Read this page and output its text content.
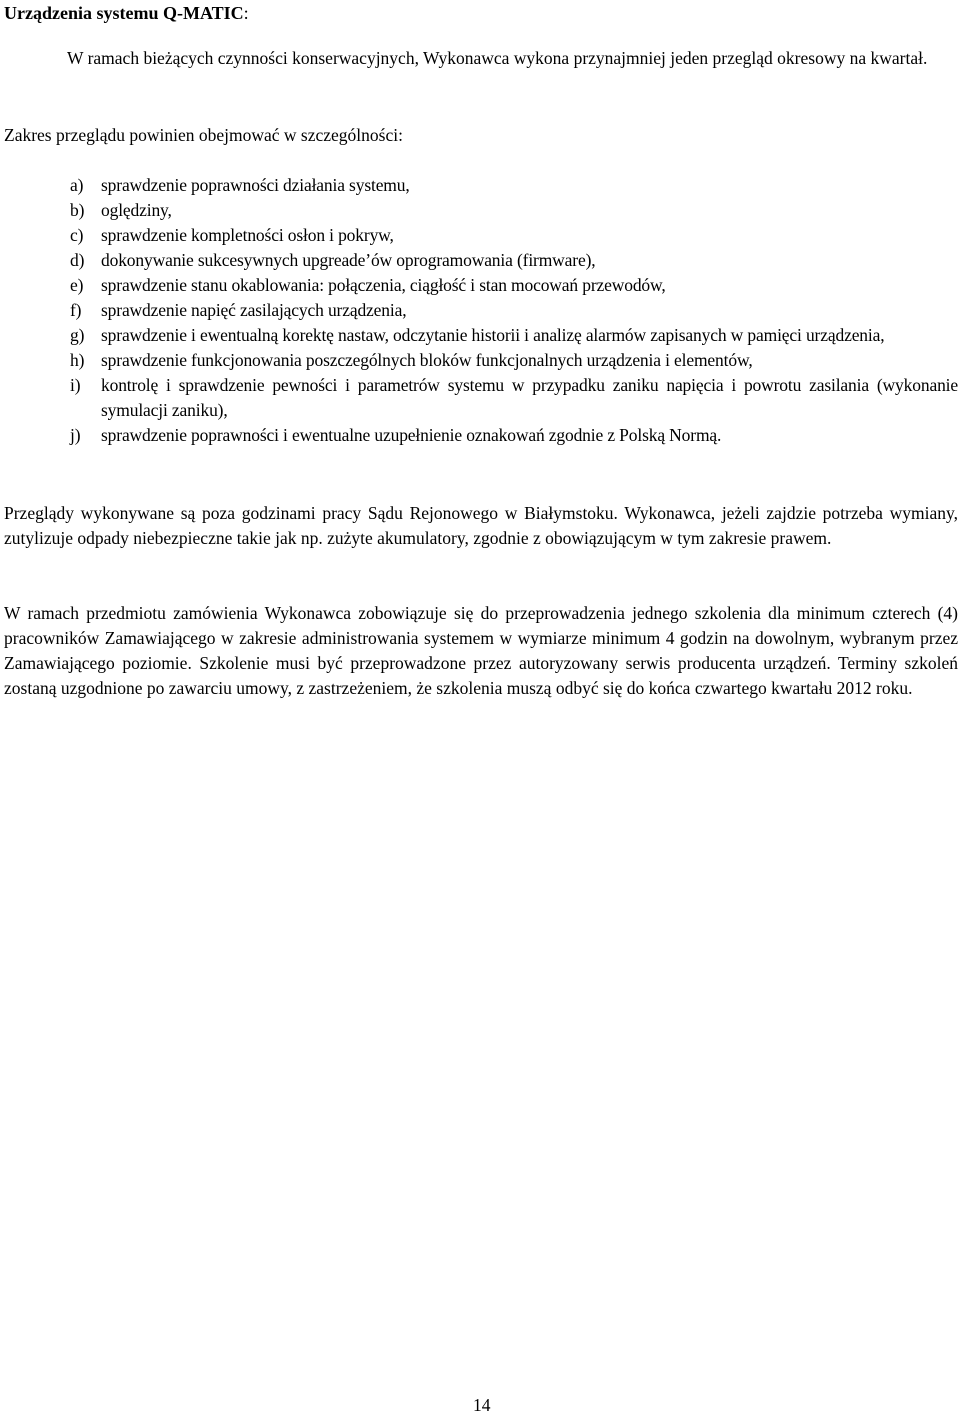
Urządzenia systemu Q-MATIC:
W ramach bieżących czynności konserwacyjnych, Wykonawca wykona przynajmniej jeden przegląd okresowy na kwartał.
Zakres przeglądu powinien obejmować w szczególności:
a) sprawdzenie poprawności działania systemu,
b) oględziny,
c) sprawdzenie kompletności osłon i pokryw,
d) dokonywanie sukcesywnych upgreade’ów oprogramowania (firmware),
e) sprawdzenie stanu okablowania: połączenia, ciągłość i stan mocowań przewodów,
f) sprawdzenie napięć zasilających urządzenia,
g) sprawdzenie i ewentualną korektę nastaw, odczytanie historii i analizę alarmów zapisanych w pamięci urządzenia,
h) sprawdzenie funkcjonowania poszczególnych bloków funkcjonalnych urządzenia i elementów,
i) kontrolę i sprawdzenie pewności i parametrów systemu w przypadku zaniku napięcia i powrotu zasilania (wykonanie symulacji zaniku),
j) sprawdzenie poprawności i ewentualne uzupełnienie oznakowań zgodnie z Polską Normą.
Przeglądy wykonywane są poza godzinami pracy Sądu Rejonowego w Białymstoku. Wykonawca, jeżeli zajdzie potrzeba wymiany, zutylizuje odpady niebezpieczne takie jak np. zużyte akumulatory, zgodnie z obowiązującym w tym zakresie prawem.
W ramach przedmiotu zamówienia Wykonawca zobowiązuje się do przeprowadzenia jednego szkolenia dla minimum czterech (4) pracowników Zamawiającego w zakresie administrowania systemem w wymiarze minimum 4 godzin na dowolnym, wybranym przez Zamawiającego poziomie. Szkolenie musi być przeprowadzone przez autoryzowany serwis producenta urządzeń. Terminy szkoleń zostaną uzgodnione po zawarciu umowy, z zastrzeżeniem, że szkolenia muszą odbyć się do końca czwartego kwartału 2012 roku.
14
